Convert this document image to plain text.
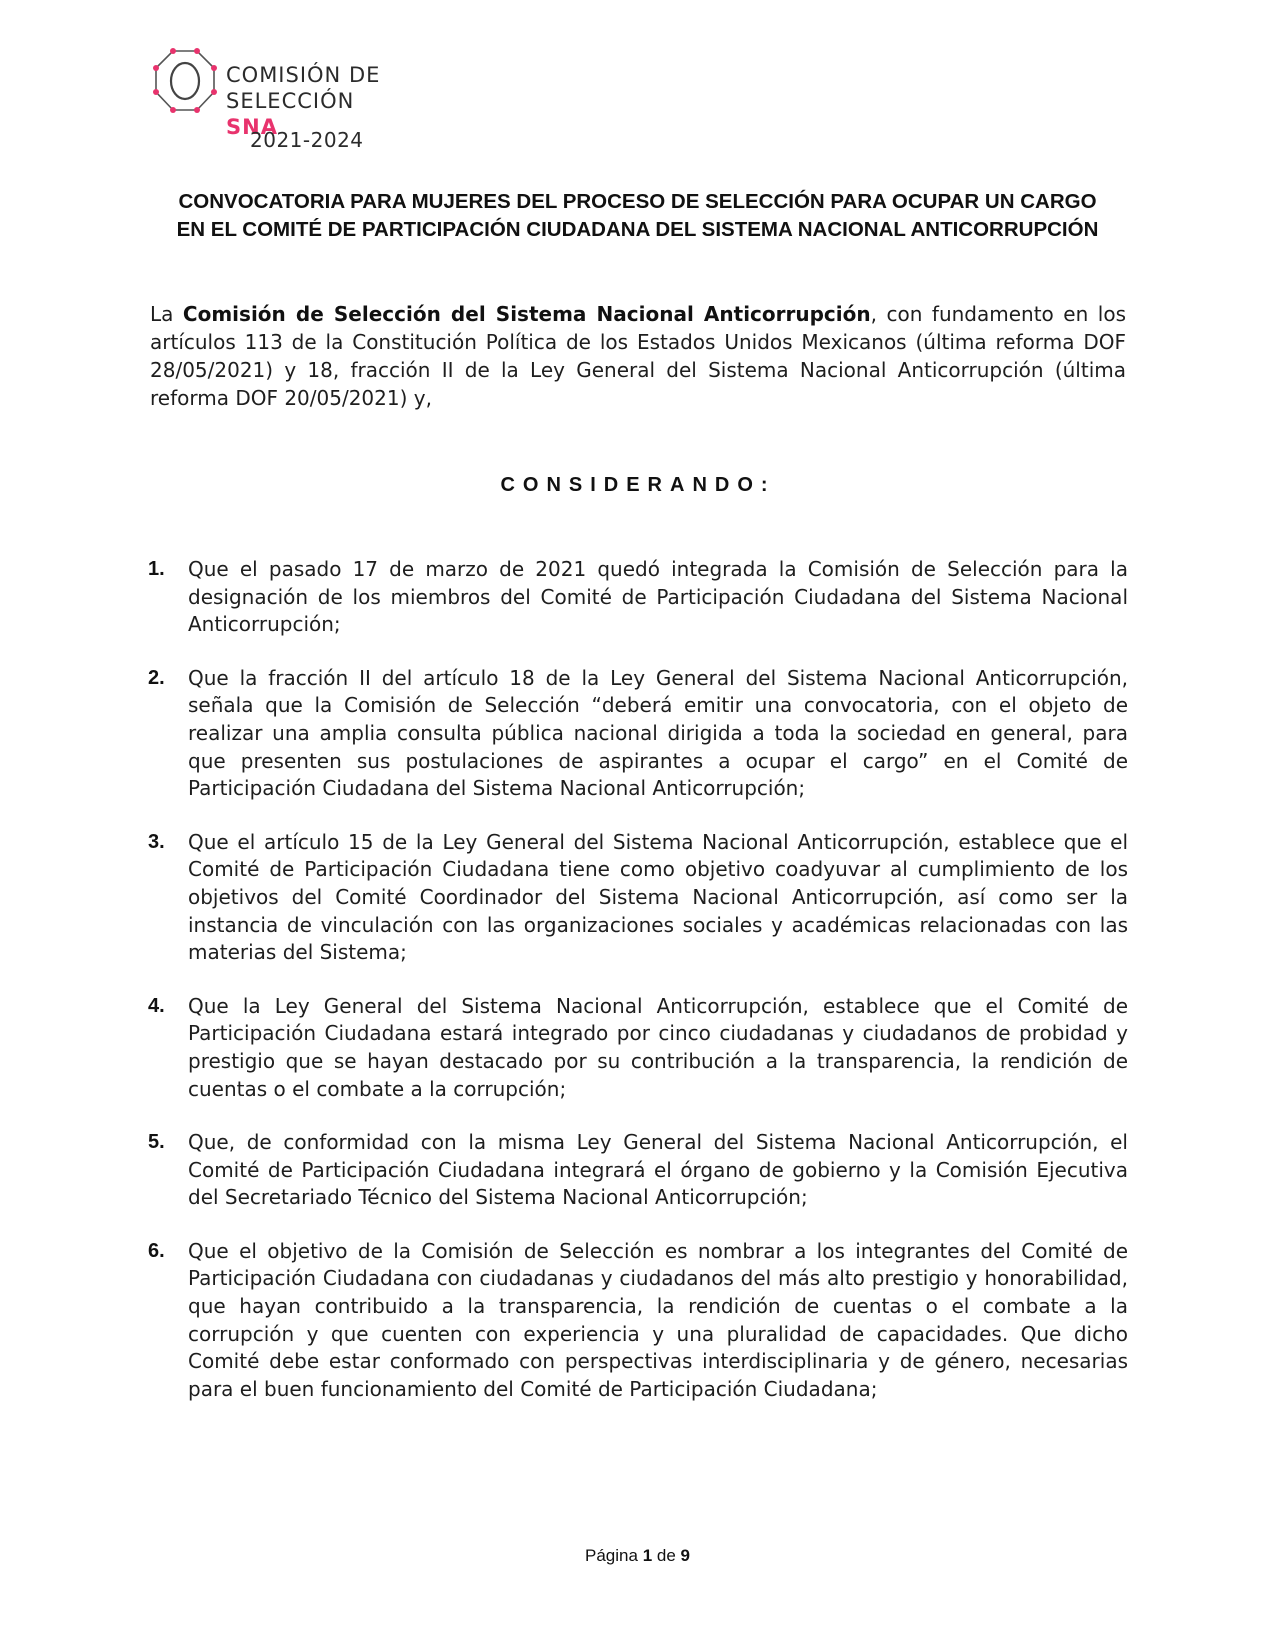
COMISIÓN DE
SELECCIÓN SNA
2021-2024
CONVOCATORIA PARA MUJERES DEL PROCESO DE SELECCIÓN PARA OCUPAR UN CARGO
EN EL COMITÉ DE PARTICIPACIÓN CIUDADANA DEL SISTEMA NACIONAL ANTICORRUPCIÓN
La Comisión de Selección del Sistema Nacional Anticorrupción, con fundamento en los artículos 113 de la Constitución Política de los Estados Unidos Mexicanos (última reforma DOF 28/05/2021) y 18, fracción II de la Ley General del Sistema Nacional Anticorrupción (última reforma DOF 20/05/2021) y,
CONSIDERANDO:
1. Que el pasado 17 de marzo de 2021 quedó integrada la Comisión de Selección para la designación de los miembros del Comité de Participación Ciudadana del Sistema Nacional Anticorrupción;
2. Que la fracción II del artículo 18 de la Ley General del Sistema Nacional Anticorrupción, señala que la Comisión de Selección “deberá emitir una convocatoria, con el objeto de realizar una amplia consulta pública nacional dirigida a toda la sociedad en general, para que presenten sus postulaciones de aspirantes a ocupar el cargo” en el Comité de Participación Ciudadana del Sistema Nacional Anticorrupción;
3. Que el artículo 15 de la Ley General del Sistema Nacional Anticorrupción, establece que el Comité de Participación Ciudadana tiene como objetivo coadyuvar al cumplimiento de los objetivos del Comité Coordinador del Sistema Nacional Anticorrupción, así como ser la instancia de vinculación con las organizaciones sociales y académicas relacionadas con las materias del Sistema;
4. Que la Ley General del Sistema Nacional Anticorrupción, establece que el Comité de Participación Ciudadana estará integrado por cinco ciudadanas y ciudadanos de probidad y prestigio que se hayan destacado por su contribución a la transparencia, la rendición de cuentas o el combate a la corrupción;
5. Que, de conformidad con la misma Ley General del Sistema Nacional Anticorrupción, el Comité de Participación Ciudadana integrará el órgano de gobierno y la Comisión Ejecutiva del Secretariado Técnico del Sistema Nacional Anticorrupción;
6. Que el objetivo de la Comisión de Selección es nombrar a los integrantes del Comité de Participación Ciudadana con ciudadanas y ciudadanos del más alto prestigio y honorabilidad, que hayan contribuido a la transparencia, la rendición de cuentas o el combate a la corrupción y que cuenten con experiencia y una pluralidad de capacidades. Que dicho Comité debe estar conformado con perspectivas interdisciplinaria y de género, necesarias para el buen funcionamiento del Comité de Participación Ciudadana;
Página 1 de 9
